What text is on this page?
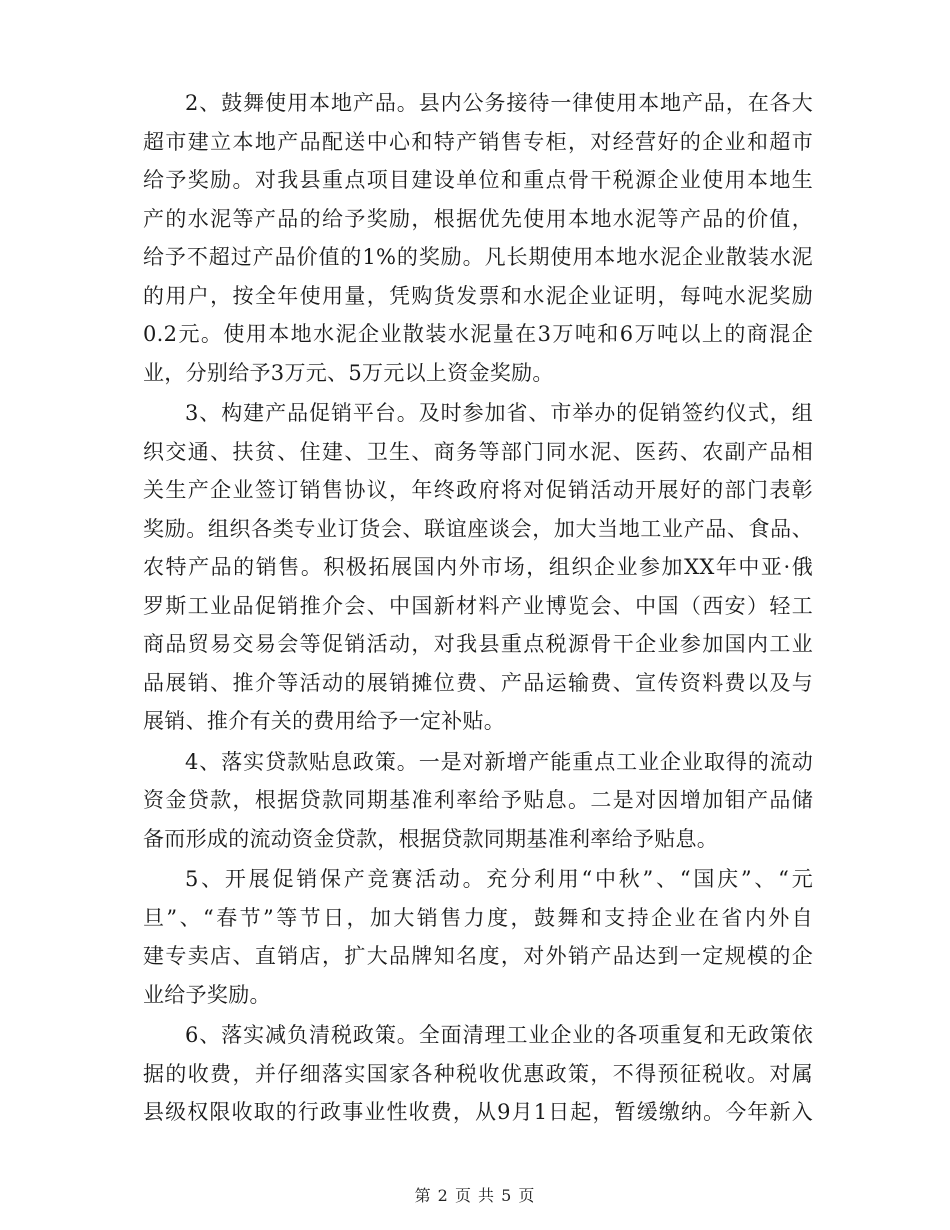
2、鼓舞使用本地产品。县内公务接待一律使用本地产品，在各大
超市建立本地产品配送中心和特产销售专柜，对经营好的企业和超市
给予奖励。对我县重点项目建设单位和重点骨干税源企业使用本地生
产的水泥等产品的给予奖励，根据优先使用本地水泥等产品的价值，
给予不超过产品价值的1%的奖励。凡长期使用本地水泥企业散装水泥
的用户，按全年使用量，凭购货发票和水泥企业证明，每吨水泥奖励
0.2元。使用本地水泥企业散装水泥量在3万吨和6万吨以上的商混企
业，分别给予3万元、5万元以上资金奖励。

3、构建产品促销平台。及时参加省、市举办的促销签约仪式，组
织交通、扶贫、住建、卫生、商务等部门同水泥、医药、农副产品相
关生产企业签订销售协议，年终政府将对促销活动开展好的部门表彰
奖励。组织各类专业订货会、联谊座谈会，加大当地工业产品、食品、
农特产品的销售。积极拓展国内外市场，组织企业参加XX年中亚·俄
罗斯工业品促销推介会、中国新材料产业博览会、中国（西安）轻工
商品贸易交易会等促销活动，对我县重点税源骨干企业参加国内工业
品展销、推介等活动的展销摊位费、产品运输费、宣传资料费以及与
展销、推介有关的费用给予一定补贴。

4、落实贷款贴息政策。一是对新增产能重点工业企业取得的流动
资金贷款，根据贷款同期基准利率给予贴息。二是对因增加钼产品储
备而形成的流动资金贷款，根据贷款同期基准利率给予贴息。

5、开展促销保产竞赛活动。充分利用“中秋”、“国庆”、“元
旦”、“春节”等节日，加大销售力度，鼓舞和支持企业在省内外自
建专卖店、直销店，扩大品牌知名度，对外销产品达到一定规模的企
业给予奖励。

6、落实减负清税政策。全面清理工业企业的各项重复和无政策依
据的收费，并仔细落实国家各种税收优惠政策，不得预征税收。对属
县级权限收取的行政事业性收费，从9月1日起，暂缓缴纳。今年新入

第 2 页 共 5 页
